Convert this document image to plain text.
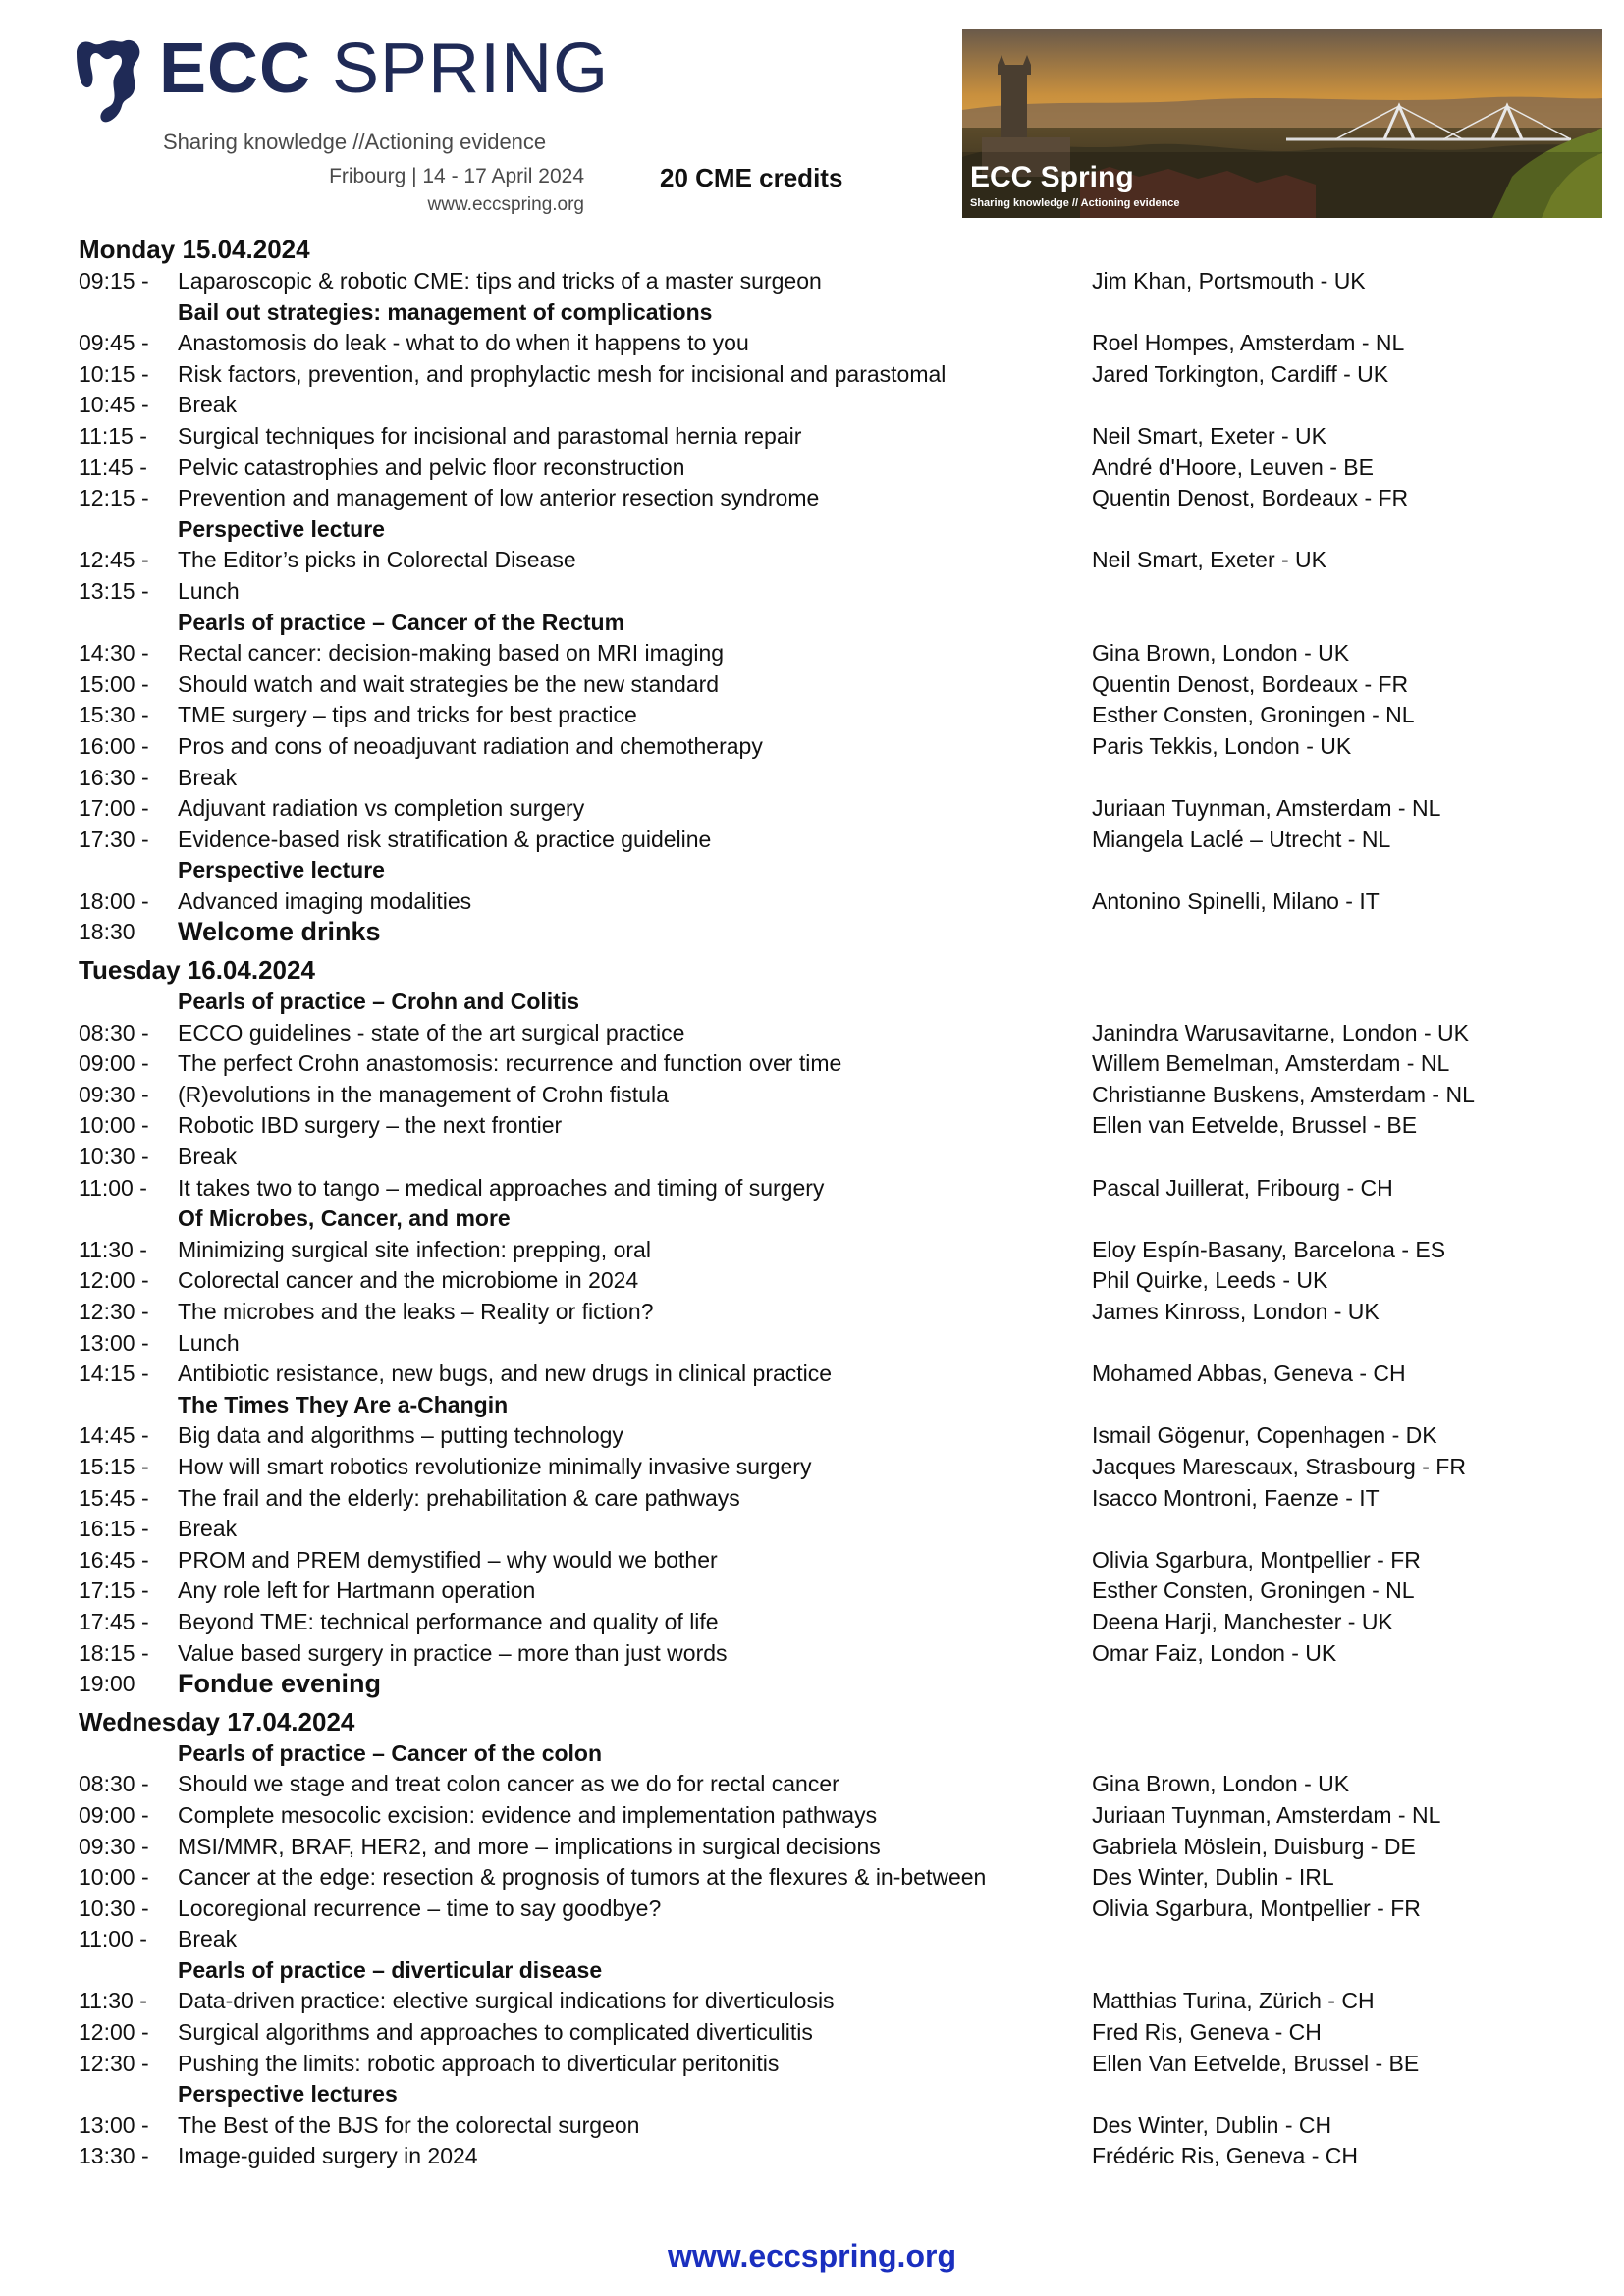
ECC SPRING
Sharing knowledge //Actioning evidence
Fribourg | 14 - 17 April 2024
www.eccspring.org
20 CME credits	ECC Spring
Sharing knowledge // Actioning evidence
Monday 15.04.2024
09:15 - Laparoscopic & robotic CME: tips and tricks of a master surgeon	Jim Khan, Portsmouth - UK
Bail out strategies: management of complications
09:45 - Anastomosis do leak - what to do when it happens to you	Roel Hompes, Amsterdam - NL
10:15 - Risk factors, prevention, and prophylactic mesh for incisional and parastomal	Jared Torkington, Cardiff - UK
10:45 - Break
11:15 - Surgical techniques for incisional and parastomal hernia repair	Neil Smart, Exeter - UK
11:45 - Pelvic catastrophies and pelvic floor reconstruction	André d'Hoore, Leuven - BE
12:15 - Prevention and management of low anterior resection syndrome	Quentin Denost, Bordeaux - FR
Perspective lecture
12:45 - The Editor’s picks in Colorectal Disease	Neil Smart, Exeter - UK
13:15 - Lunch
Pearls of practice – Cancer of the Rectum
14:30 - Rectal cancer: decision-making based on MRI imaging	Gina Brown, London - UK
15:00 - Should watch and wait strategies be the new standard	Quentin Denost, Bordeaux - FR
15:30 - TME surgery – tips and tricks for best practice	Esther Consten, Groningen - NL
16:00 - Pros and cons of neoadjuvant radiation and chemotherapy	Paris Tekkis, London - UK
16:30 - Break
17:00 - Adjuvant radiation vs completion surgery	Juriaan Tuynman, Amsterdam - NL
17:30 - Evidence-based risk stratification & practice guideline	Miangela Laclé – Utrecht - NL
Perspective lecture
18:00 - Advanced imaging modalities	Antonino Spinelli, Milano - IT
18:30 Welcome drinks
Tuesday 16.04.2024
Pearls of practice – Crohn and Colitis
08:30 - ECCO guidelines - state of the art surgical practice	Janindra Warusavitarne, London - UK
09:00 - The perfect Crohn anastomosis: recurrence and function over time	Willem Bemelman, Amsterdam - NL
09:30 - (R)evolutions in the management of Crohn fistula	Christianne Buskens, Amsterdam - NL
10:00 - Robotic IBD surgery – the next frontier	Ellen van Eetvelde, Brussel - BE
10:30 - Break
11:00 - It takes two to tango – medical approaches and timing of surgery	Pascal Juillerat, Fribourg - CH
Of Microbes, Cancer, and more
11:30 - Minimizing surgical site infection: prepping, oral	Eloy Espín-Basany, Barcelona - ES
12:00 - Colorectal cancer and the microbiome in 2024	Phil Quirke, Leeds - UK
12:30 - The microbes and the leaks – Reality or fiction?	James Kinross, London - UK
13:00 - Lunch
14:15 - Antibiotic resistance, new bugs, and new drugs in clinical practice	Mohamed Abbas, Geneva - CH
The Times They Are a-Changin
14:45 - Big data and algorithms – putting technology	Ismail Gögenur, Copenhagen - DK
15:15 - How will smart robotics revolutionize minimally invasive surgery	Jacques Marescaux, Strasbourg - FR
15:45 - The frail and the elderly: prehabilitation & care pathways	Isacco Montroni, Faenze - IT
16:15 - Break
16:45 - PROM and PREM demystified – why would we bother	Olivia Sgarbura, Montpellier - FR
17:15 - Any role left for Hartmann operation	Esther Consten, Groningen - NL
17:45 - Beyond TME: technical performance and quality of life	Deena Harji, Manchester - UK
18:15 - Value based surgery in practice – more than just words	Omar Faiz, London - UK
19:00 Fondue evening
Wednesday 17.04.2024
Pearls of practice – Cancer of the colon
08:30 - Should we stage and treat colon cancer as we do for rectal cancer	Gina Brown, London - UK
09:00 - Complete mesocolic excision: evidence and implementation pathways	Juriaan Tuynman, Amsterdam - NL
09:30 - MSI/MMR, BRAF, HER2, and more – implications in surgical decisions	Gabriela Möslein, Duisburg - DE
10:00 - Cancer at the edge: resection & prognosis of tumors at the flexures & in-between	Des Winter, Dublin - IRL
10:30 - Locoregional recurrence – time to say goodbye?	Olivia Sgarbura, Montpellier - FR
11:00 - Break
Pearls of practice – diverticular disease
11:30 - Data-driven practice: elective surgical indications for diverticulosis	Matthias Turina, Zürich - CH
12:00 - Surgical algorithms and approaches to complicated diverticulitis	Fred Ris, Geneva - CH
12:30 - Pushing the limits: robotic approach to diverticular peritonitis	Ellen Van Eetvelde, Brussel - BE
Perspective lectures
13:00 - The Best of the BJS for the colorectal surgeon	Des Winter, Dublin - CH
13:30 - Image-guided surgery in 2024	Frédéric Ris, Geneva - CH
www.eccspring.org
